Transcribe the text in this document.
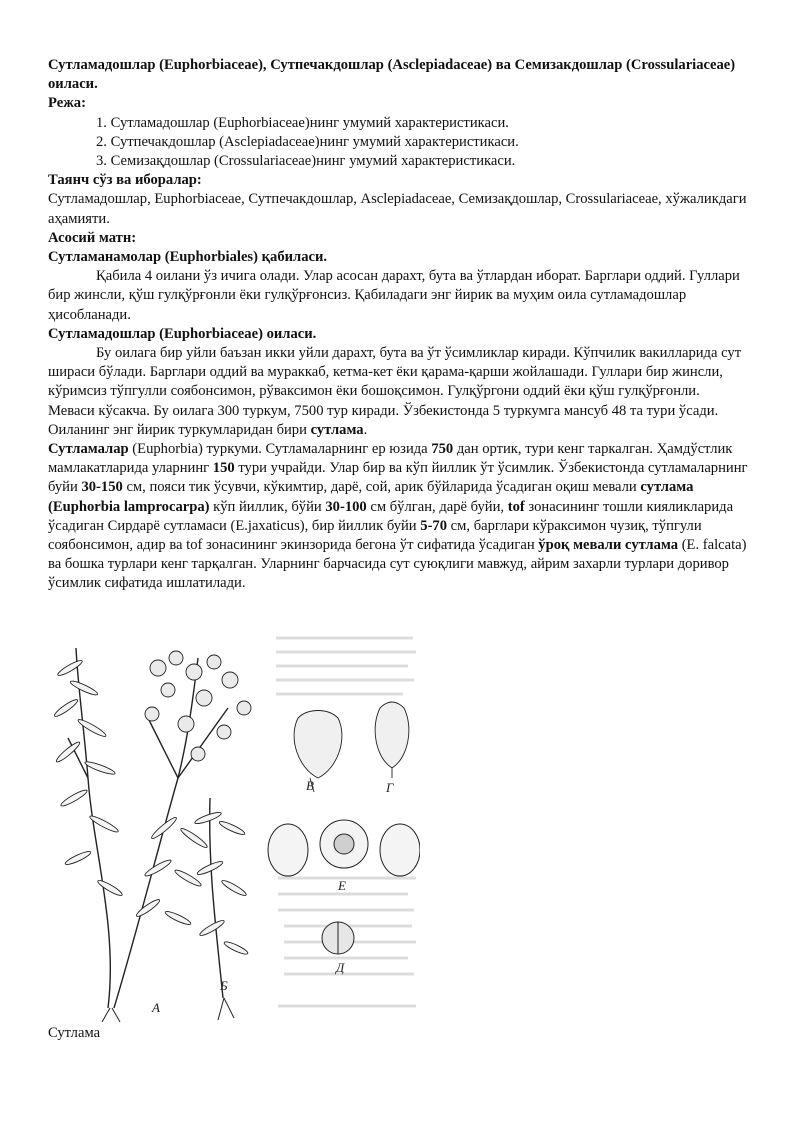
Сутламадошлар (Euphorbiaceae), Сутпечакдошлар (Asclepiadaceae) ва Семизакдошлар (Crossulariaceae) оиласи.

Режа:

1. Сутламадошлар (Euphorbiaceae)нинг умумий характеристикаси.

2. Сутпечакдошлар (Asclepiadaceae)нинг умумий характеристикаси.

3. Семизақдошлар (Crossulariaceae)нинг умумий характеристикаси.

Таянч сўз ва иборалар:

Сутламадошлар, Euphorbiaceae, Сутпечакдошлар, Asclepiadaceae, Семизақдошлар, Crossulariaceae, хўжаликдаги аҳамияти.

Асосий матн:

Сутламанамолар (Euphorbiales) қабиласи.

Қабила 4 оилани ўз ичига олади. Улар асосан дарахт, бута ва ўтлардан иборат. Барглари оддий. Гуллари бир жинсли, қўш гулқўрғонли ёки гулқўрғонсиз. Қабиладаги энг йирик ва муҳим оила сутламадошлар ҳисобланади.

Сутламадошлар (Euphorbiaceae) оиласи.

Бу оилага бир уйли баъзан икки уйли дарахт, бута ва ўт ўсимликлар киради. Кўпчилик вакилларида сут шираси бўлади. Барглари оддий ва мураккаб, кетма-кет ёки қарама-қарши жойлашади. Гуллари бир жинсли, кўримсиз тўпгулли соябонсимон, рўваксимон ёки бошоқсимон. Гулқўргони оддий ёки қўш гулқўрғонли. Меваси кўсакча. Бу оилага 300 туркум, 7500 тур киради. Ўзбекистонда 5 туркумга мансуб 48 та тури ўсади. Оиланинг энг йирик туркумларидан бири сутлама.

Сутламалар (Euphorbia) туркуми. Сутламаларнинг ер юзида 750 дан ортик, тури кенг таркалган. Ҳамдўстлик мамлакатларида уларнинг 150 тури учрайди. Улар бир ва кўп йиллик ўт ўсимлик. Ўзбекистонда сутламаларнинг буйи 30-150 см, пояси тик ўсувчи, кўкимтир, дарё, сой, арик бўйларида ўсадиган оқиш мевали сутлама (Euphorbia lamprocarpa) кўп йиллик, бўйи 30-100 см бўлган, дарё буйи, tof зонасининг тошли кияликларида ўсадиган Сирдарё сутламаси (E.jaxaticus), бир йиллик буйи 5-70 см, барглари кўраксимон чузиқ, тўпгули соябонсимон, адир ва tof зонасининг экинзорида бегона ўт сифатида ўсадиган ўроқ мевали сутлама (E. falcata) ва бошка турлари кенг тарқалган. Уларнинг барчасида сут суюқлиги мавжуд, айрим захарли турлари доривор ўсимлик сифатида ишлатилади.

А
Б
В	Г
Е
Д
Сутлама
